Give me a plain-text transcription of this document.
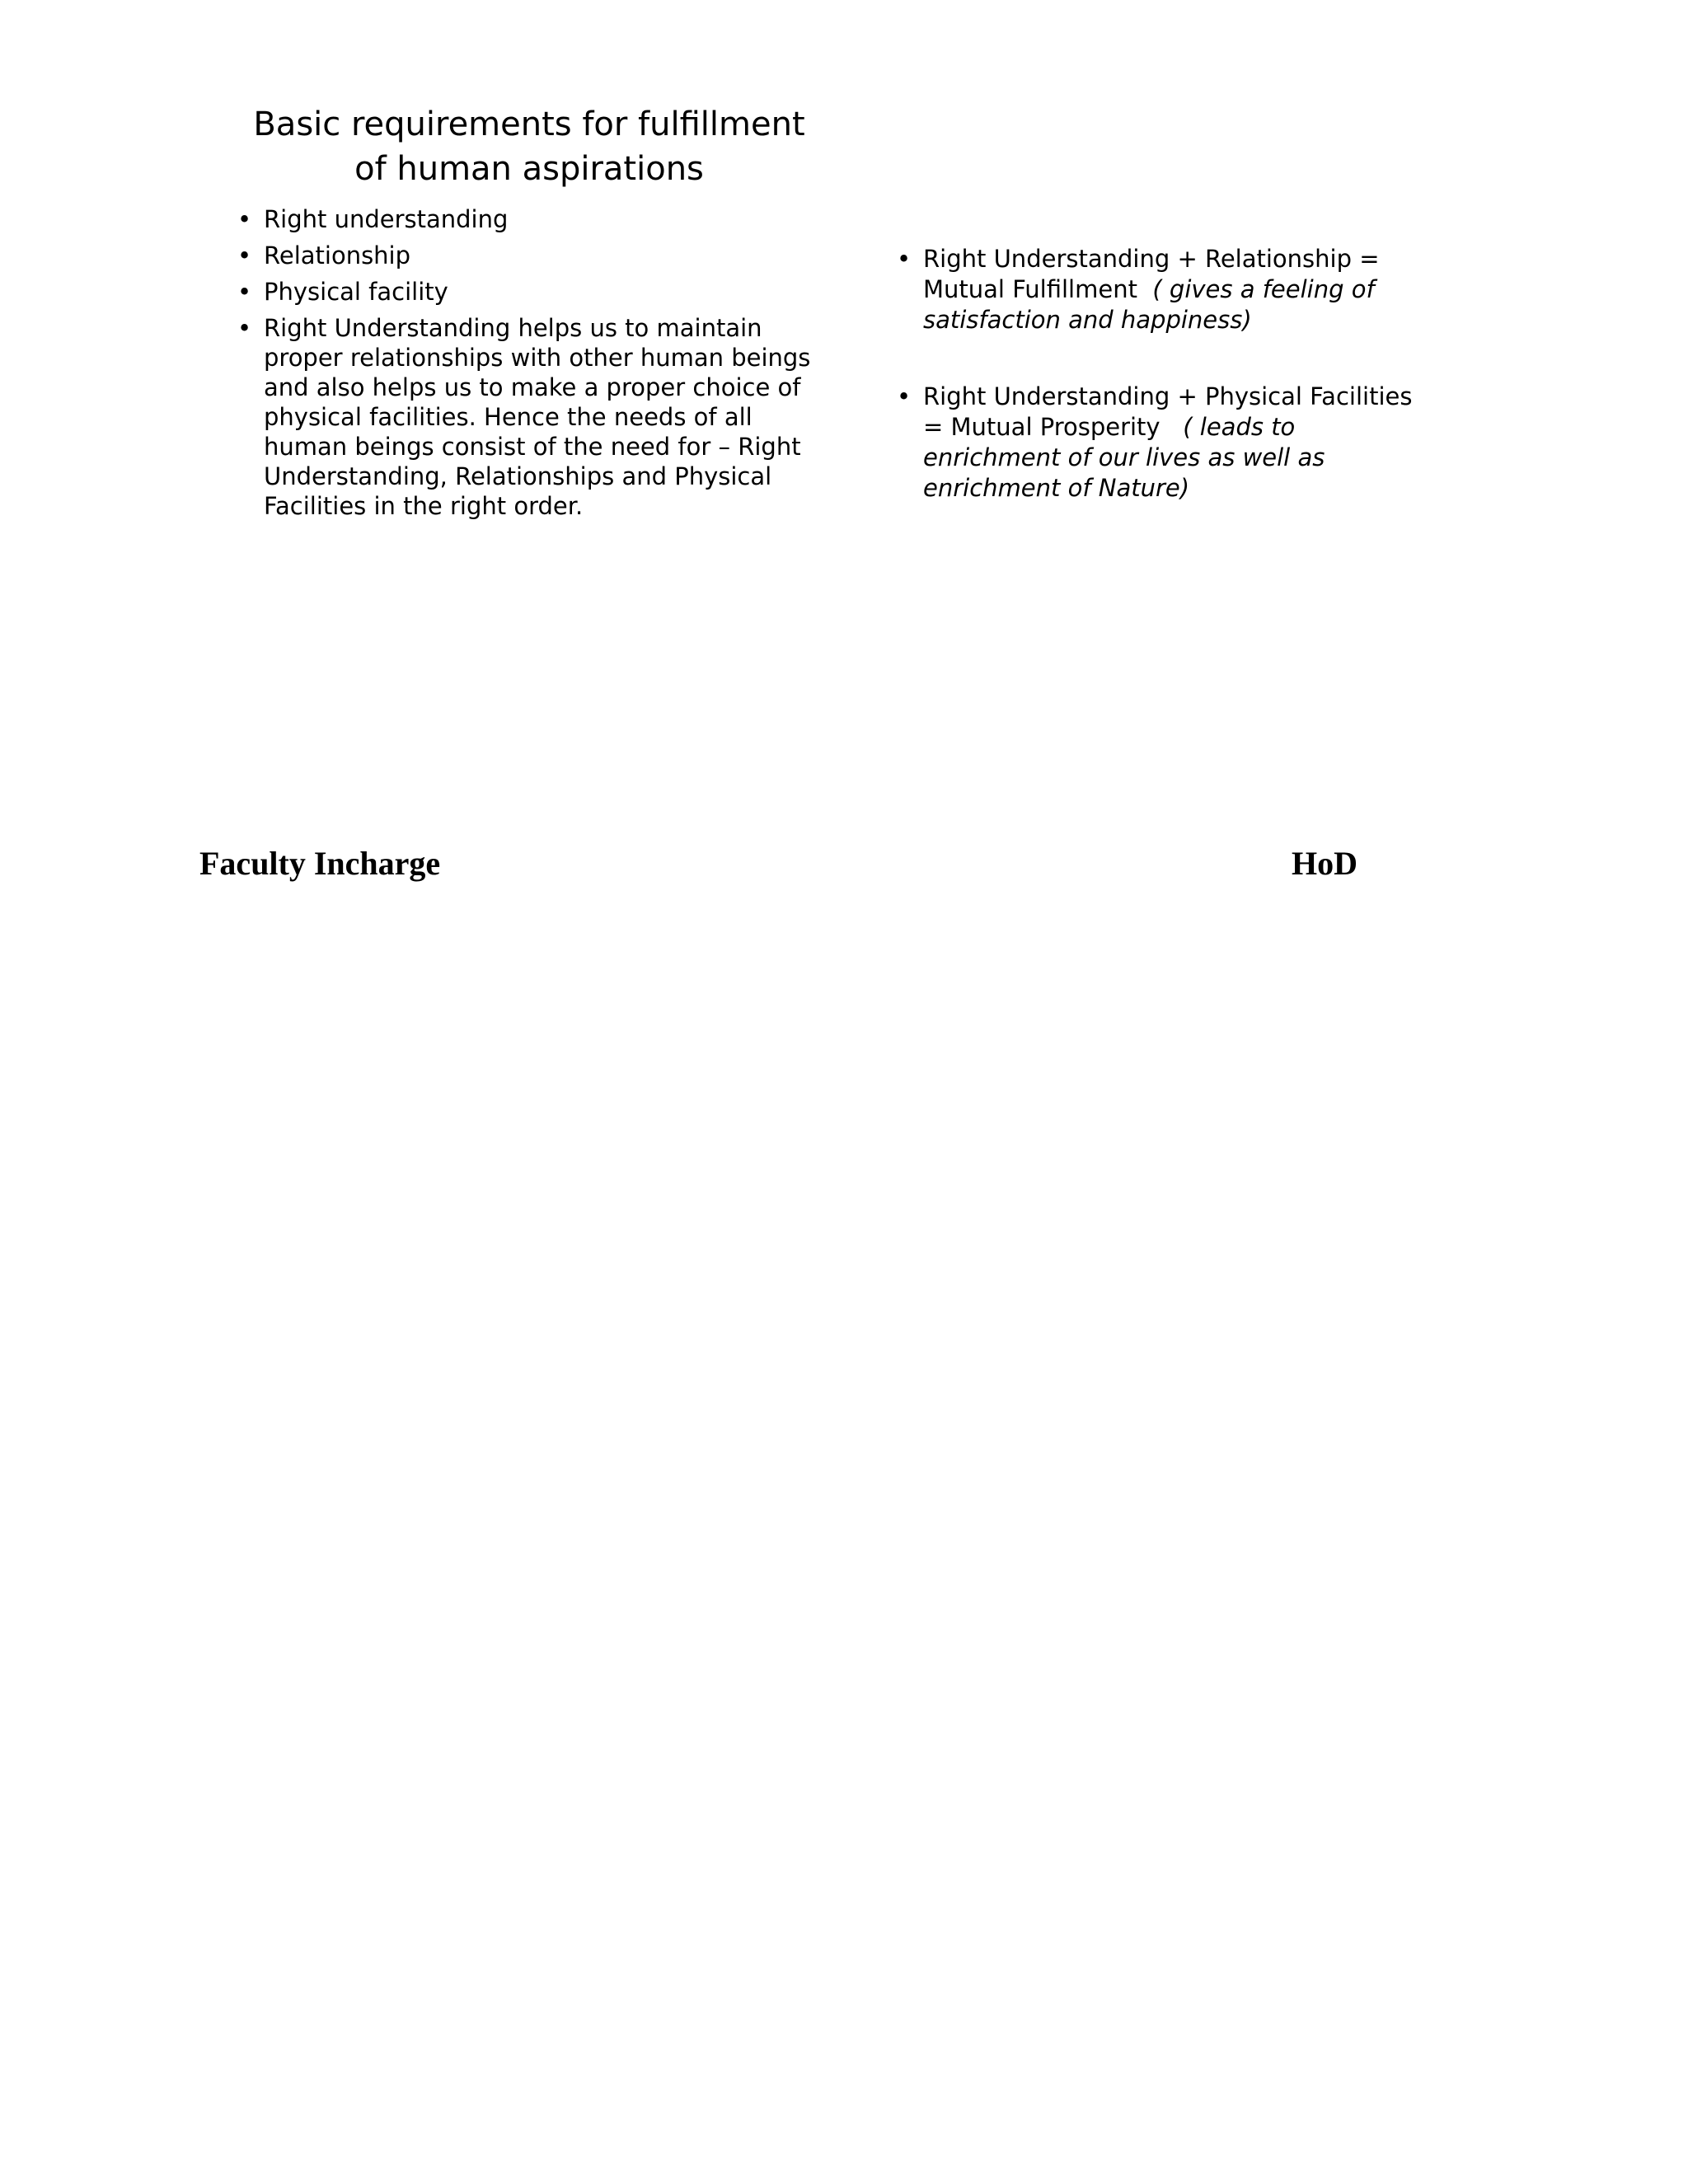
Basic requirements for fulfillment of human aspirations
• Right understanding
• Relationship
• Physical facility
• Right Understanding helps us to maintain proper relationships with other human beings and also helps us to make a proper choice of physical facilities. Hence the needs of all human beings consist of the need for – Right Understanding, Relationships and Physical Facilities in the right order.
• Right Understanding + Relationship = Mutual Fulfillment ( gives a feeling of satisfaction and happiness)
• Right Understanding + Physical Facilities = Mutual Prosperity ( leads to enrichment of our lives as well as enrichment of Nature)
Faculty Incharge	HoD
